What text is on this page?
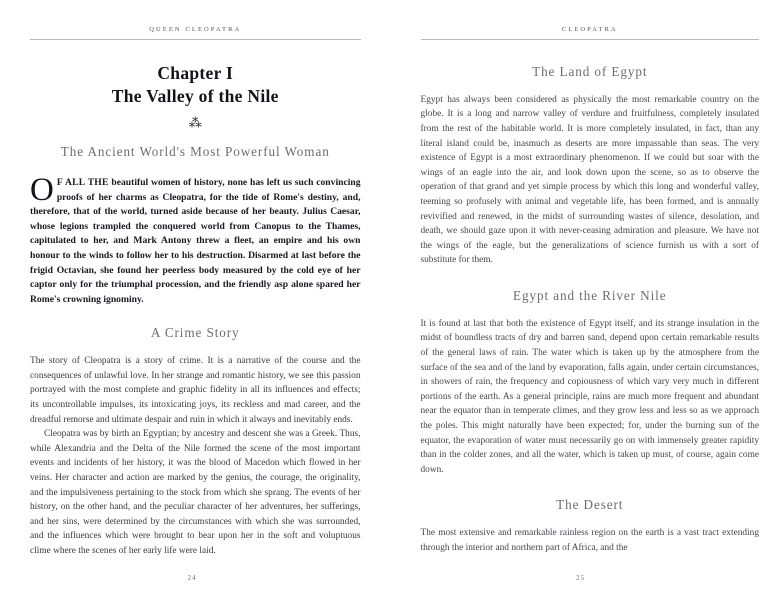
QUEEN CLEOPATRA
Chapter I
The Valley of the Nile
⁂
The Ancient World's Most Powerful Woman

O F ALL THE beautiful women of history, none has left us such convincing proofs of her charms as Cleopatra, for the tide of Rome's destiny, and, therefore, that of the world, turned aside because of her beauty. Julius Caesar, whose legions trampled the conquered world from Canopus to the Thames, capitulated to her, and Mark Antony threw a fleet, an empire and his own honour to the winds to follow her to his destruction. Disarmed at last before the frigid Octavian, she found her peerless body measured by the cold eye of her captor only for the triumphal procession, and the friendly asp alone spared her Rome's crowning ignominy.

A Crime Story

The story of Cleopatra is a story of crime. It is a narrative of the course and the consequences of unlawful love. In her strange and romantic history, we see this passion portrayed with the most complete and graphic fidelity in all its influences and effects; its uncontrollable impulses, its intoxicating joys, its reckless and mad career, and the dreadful remorse and ultimate despair and ruin in which it always and inevitably ends.

Cleopatra was by birth an Egyptian; by ancestry and descent she was a Greek. Thus, while Alexandria and the Delta of the Nile formed the scene of the most important events and incidents of her history, it was the blood of Macedon which flowed in her veins. Her character and action are marked by the genius, the courage, the originality, and the impulsiveness pertaining to the stock from which she sprang. The events of her history, on the other hand, and the peculiar character of her adventures, her sufferings, and her sins, were determined by the circumstances with which she was surrounded, and the influences which were brought to bear upon her in the soft and voluptuous clime where the scenes of her early life were laid.

24
CLEOPATRA
The Land of Egypt

Egypt has always been considered as physically the most remarkable country on the globe. It is a long and narrow valley of verdure and fruitfulness, completely insulated from the rest of the habitable world. It is more completely insulated, in fact, than any literal island could be, inasmuch as deserts are more impassable than seas. The very existence of Egypt is a most extraordinary phenomenon. If we could but soar with the wings of an eagle into the air, and look down upon the scene, so as to observe the operation of that grand and yet simple process by which this long and wonderful valley, teeming so profusely with animal and vegetable life, has been formed, and is annually revivified and renewed, in the midst of surrounding wastes of silence, desolation, and death, we should gaze upon it with never-ceasing admiration and pleasure. We have not the wings of the eagle, but the generalizations of science furnish us with a sort of substitute for them.

Egypt and the River Nile

It is found at last that both the existence of Egypt itself, and its strange insulation in the midst of boundless tracts of dry and barren sand, depend upon certain remarkable results of the general laws of rain. The water which is taken up by the atmosphere from the surface of the sea and of the land by evaporation, falls again, under certain circumstances, in showers of rain, the frequency and copiousness of which vary very much in different portions of the earth. As a general principle, rains are much more frequent and abundant near the equator than in temperate climes, and they grow less and less so as we approach the poles. This might naturally have been expected; for, under the burning sun of the equator, the evaporation of water must necessarily go on with immensely greater rapidity than in the colder zones, and all the water, which is taken up must, of course, again come down.

The Desert

The most extensive and remarkable rainless region on the earth is a vast tract extending through the interior and northern part of Africa, and the

25
